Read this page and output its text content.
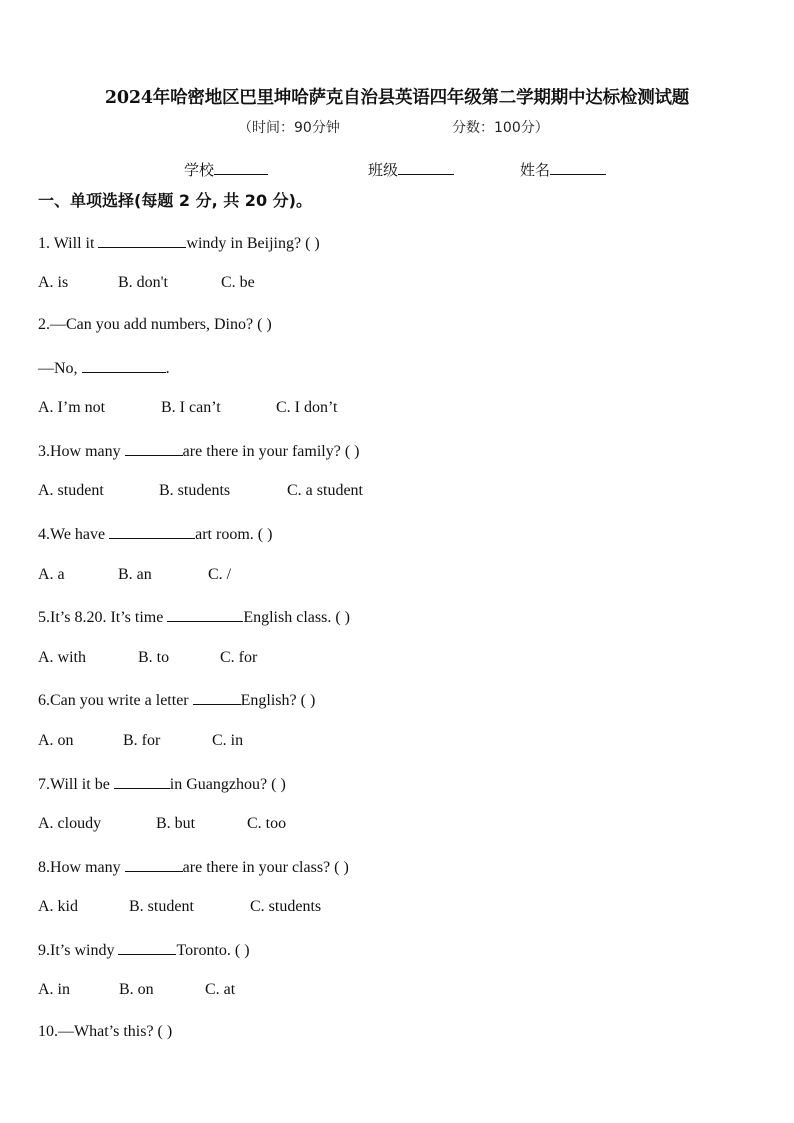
2024年哈密地区巴里坤哈萨克自治县英语四年级第二学期期中达标检测试题
（时间：90分钟	分数：100分）
学校	班级	姓名
一、单项选择(每题 2 分, 共 20 分)。
1. Will it	windy in Beijing? ( )
A. is	B. don't	C. be
2.—Can you add numbers, Dino? ( )
—No,	.
A. I’m not	B. I can’t	C. I don’t
3.How many	are there in your family? ( )
A. student	B. students	C. a student
4.We have	art room. ( )
A. a	B. an	C. /
5.It’s 8.20. It’s time	English class. ( )
A. with	B. to	C. for
6.Can you write a letter	English? ( )
A. on	B. for	C. in
7.Will it be	in Guangzhou? ( )
A. cloudy	B. but	C. too
8.How many	are there in your class? ( )
A. kid	B. student	C. students
9.It’s windy	Toronto. ( )
A. in	B. on	C. at
10.—What’s this? ( )
